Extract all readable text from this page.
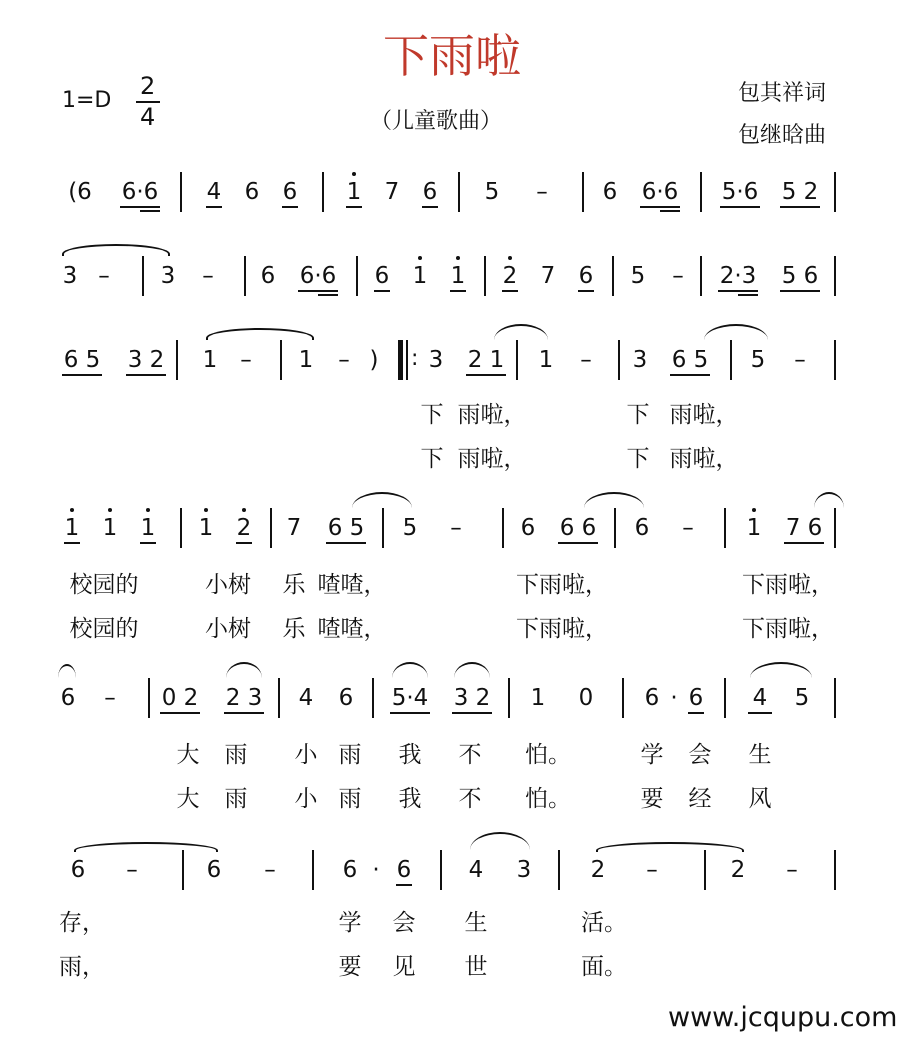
下雨啦
1=D
2
4	（儿童歌曲）
包其祥词
包继晗曲
(6 6·6 4 6 6 1 7 6 5 – 6 6·6 5·6 5 2
3 – 3 – 6 6·6 6 1 1 2 7 6 5 – 2·3 5 6
6 5 3 2 1 – 1 – ) : 3 2 1 1 – 3 6 5 5 –
下 雨啦，	下 雨啦，
下 雨啦，	下 雨啦，
1 1 1 1 2 7 6 5 5 –	6 6 6 6 – 1 7 6
校园的	小树 乐 喳喳，	下雨啦，	下雨啦，
校园的	小树 乐 喳喳，	下雨啦，	下雨啦，
6 – 0 2 2 3 4 6 5·4 3 2 1 0 6 · 6 4 5
大 雨 小 雨 我 不 怕。	学 会 生
大 雨 小 雨 我 不 怕。	要 经 风
6 –	6 –	6 · 6 4 3	2 –	2 –
存，	学 会 生	活。
雨，	要 见 世	面。
www.jcqupu.com
